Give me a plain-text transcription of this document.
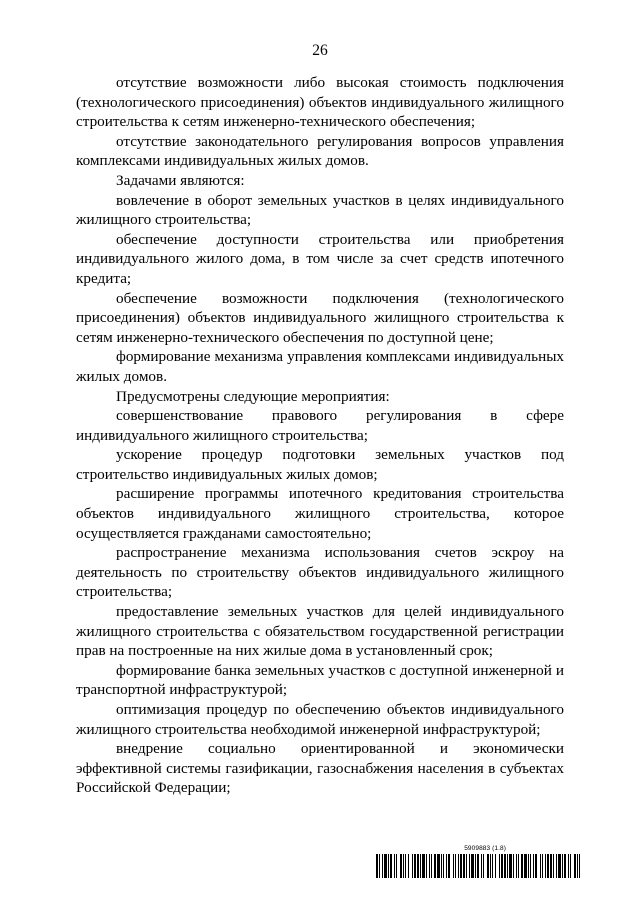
26

отсутствие возможности либо высокая стоимость подключения (технологического присоединения) объектов индивидуального жилищного строительства к сетям инженерно-технического обеспечения;

отсутствие законодательного регулирования вопросов управления комплексами индивидуальных жилых домов.

Задачами являются:

вовлечение в оборот земельных участков в целях индивидуального жилищного строительства;

обеспечение доступности строительства или приобретения индивидуального жилого дома, в том числе за счет средств ипотечного кредита;

обеспечение возможности подключения (технологического присоединения) объектов индивидуального жилищного строительства к сетям инженерно-технического обеспечения по доступной цене;

формирование механизма управления комплексами индивидуальных жилых домов.

Предусмотрены следующие мероприятия:

совершенствование правового регулирования в сфере индивидуального жилищного строительства;

ускорение процедур подготовки земельных участков под строительство индивидуальных жилых домов;

расширение программы ипотечного кредитования строительства объектов индивидуального жилищного строительства, которое осуществляется гражданами самостоятельно;

распространение механизма использования счетов эскроу на деятельность по строительству объектов индивидуального жилищного строительства;

предоставление земельных участков для целей индивидуального жилищного строительства с обязательством государственной регистрации прав на построенные на них жилые дома в установленный срок;

формирование банка земельных участков с доступной инженерной и транспортной инфраструктурой;

оптимизация процедур по обеспечению объектов индивидуального жилищного строительства необходимой инженерной инфраструктурой;

внедрение социально ориентированной и экономически эффективной системы газификации, газоснабжения населения в субъектах Российской Федерации;

5909883 (1.8)
